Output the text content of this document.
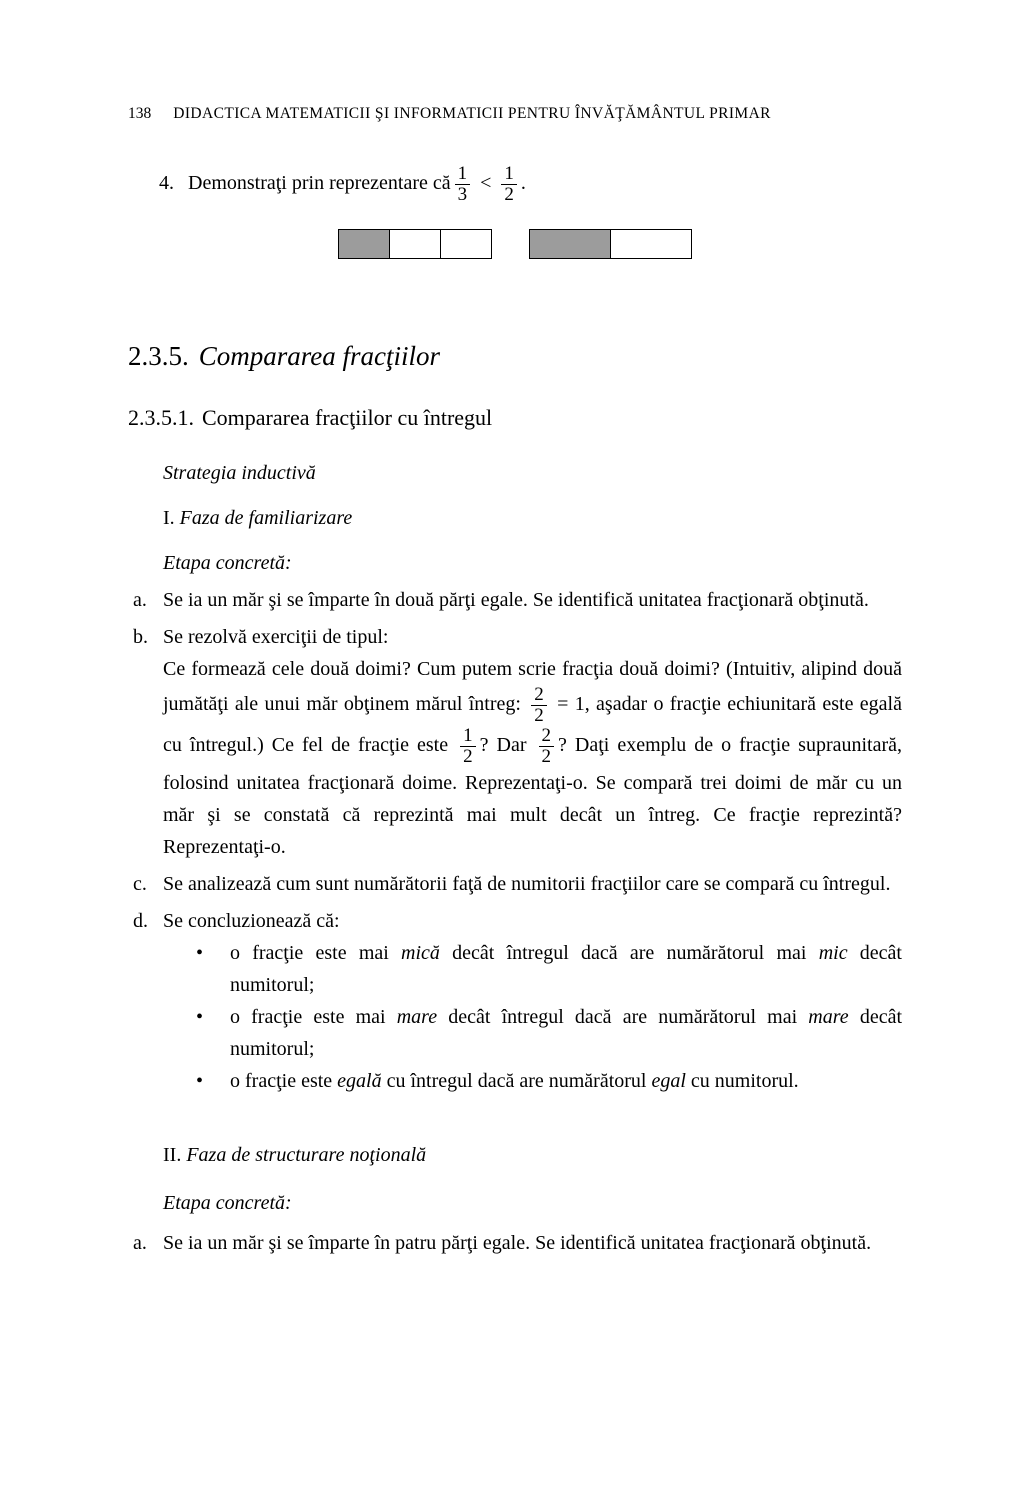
138 DIDACTICA MATEMATICII ŞI INFORMATICII PENTRU ÎNVĂŢĂMÂNTUL PRIMAR
4. Demonstraţi prin reprezentare că $\frac{1}{3} < \frac{1}{2}$ .
2.3.5. Compararea fracţiilor
2.3.5.1. Compararea fracţiilor cu întregul

Strategia inductivă

I. Faza de familiarizare

Etapa concretă:

a. Se ia un măr şi se împarte în două părţi egale. Se identifică unitatea fracţionară obţinută.
b. Se rezolvă exerciţii de tipul:

Ce formează cele două doimi? Cum putem scrie fracţia două doimi? (Intuitiv, alipind două jumătăţi ale unui măr obţinem mărul întreg: $\frac{2}{2} = 1$, aşadar o fracţie echiunitară este egală cu întregul.) Ce fel de fracţie este $\frac{1}{2}$ ? Dar $\frac{2}{2}$ ? Daţi exemplu de o fracţie supraunitară, folosind unitatea fracţionară doime. Reprezentaţi-o. Se compară trei doimi de măr cu un măr şi se constată că reprezintă mai mult decât un întreg. Ce fracţie reprezintă? Reprezentaţi-o.

c. Se analizează cum sunt numărătorii faţă de numitorii fracţiilor care se compară cu întregul.
d. Se concluzionează că:

•	o fracţie este mai mică decât întregul dacă are numărătorul mai mic decât numitorul;

•	o fracţie este mai mare decât întregul dacă are numărătorul mai mare decât numitorul;

•	o fracţie este egală cu întregul dacă are numărătorul egal cu numitorul.

II. Faza de structurare noţională

Etapa concretă:

a. Se ia un măr şi se împarte în patru părţi egale. Se identifică unitatea fracţionară obţinută.
